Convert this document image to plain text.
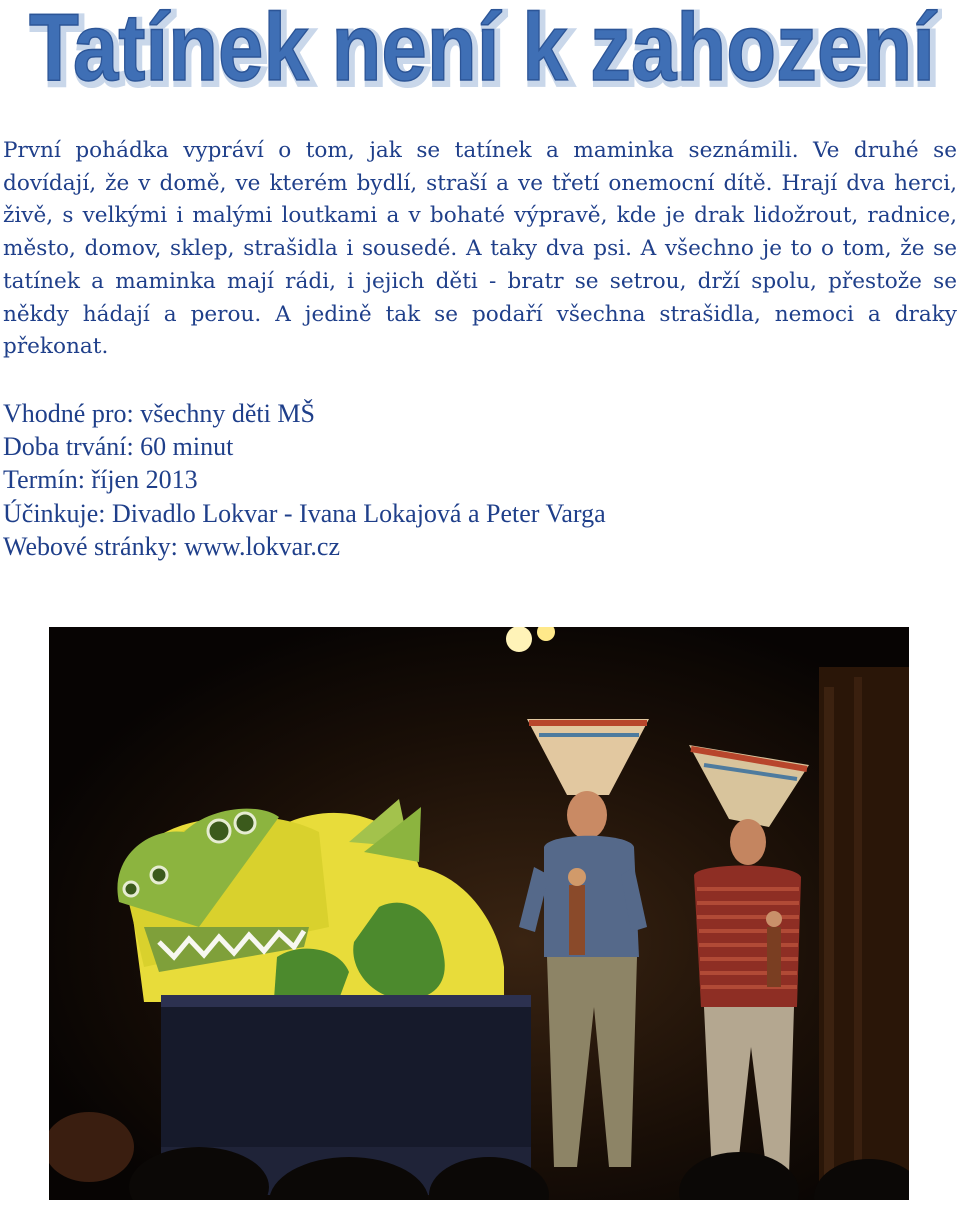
Tatínek není k zahození
Tatínek není k zahození

První pohádka vypráví o tom, jak se tatínek a maminka seznámili. Ve druhé se dovídají, že v domě, ve kterém bydlí, straší a ve třetí onemocní dítě. Hrají dva herci, živě, s velkými i malými loutkami a v bohaté výpravě, kde je drak lidožrout, radnice, město, domov, sklep, strašidla i sousedé. A taky dva psi. A všechno je to o tom, že se tatínek a maminka mají rádi, i jejich děti - bratr se setrou, drží spolu, přestože se někdy hádají a perou. A jedině tak se podaří všechna strašidla, nemoci a draky překonat.

Vhodné pro: všechny děti MŠ
Doba trvání: 60 minut
Termín: říjen 2013
Účinkuje: Divadlo Lokvar - Ivana Lokajová a Peter Varga
Webové stránky: www.lokvar.cz
